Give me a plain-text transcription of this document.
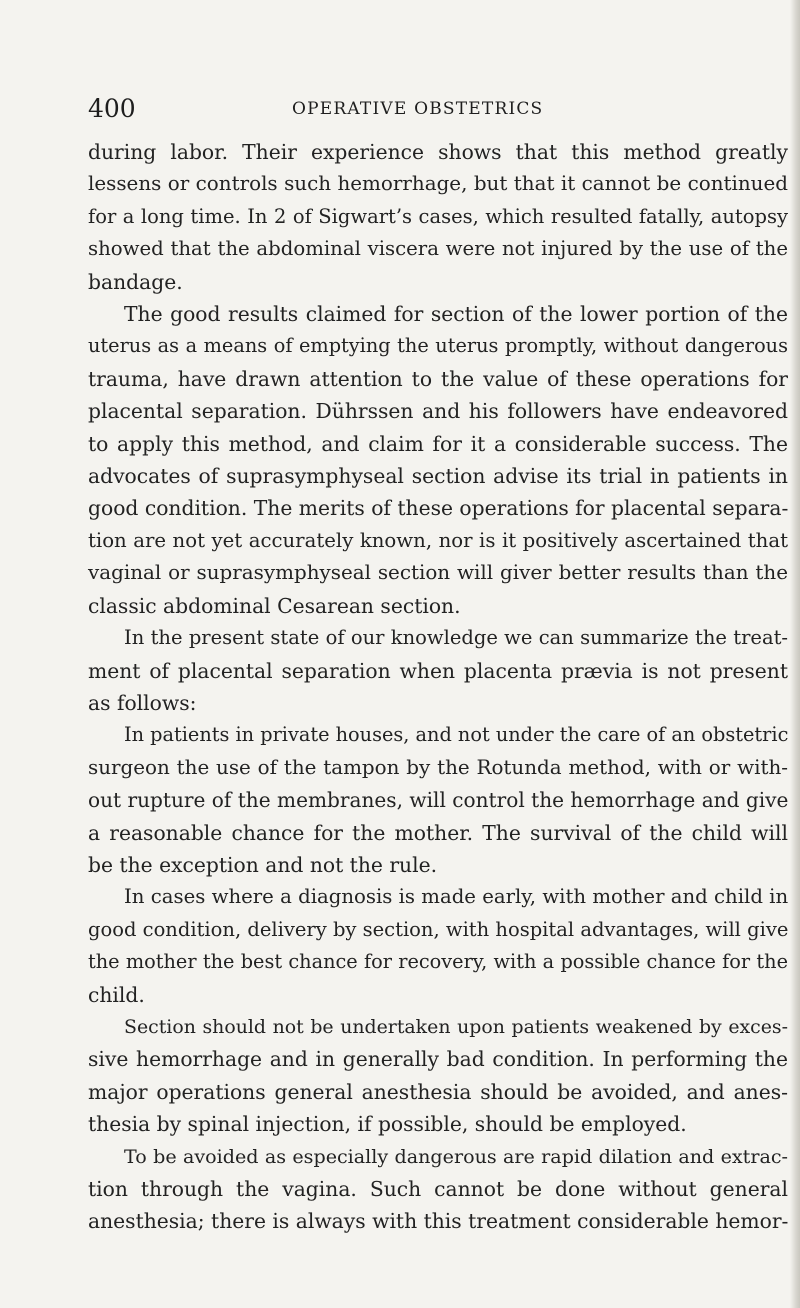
400	OPERATIVE OBSTETRICS

during labor. Their experience shows that this method greatly
lessens or controls such hemorrhage, but that it cannot be continued
for a long time. In 2 of Sigwart’s cases, which resulted fatally, autopsy
showed that the abdominal viscera were not injured by the use of the
bandage.

The good results claimed for section of the lower portion of the
uterus as a means of emptying the uterus promptly, without dangerous
trauma, have drawn attention to the value of these operations for
placental separation. Dührssen and his followers have endeavored
to apply this method, and claim for it a considerable success. The
advocates of suprasymphyseal section advise its trial in patients in
good condition. The merits of these operations for placental separa-
tion are not yet accurately known, nor is it positively ascertained that
vaginal or suprasymphyseal section will giver better results than the
classic abdominal Cesarean section.

In the present state of our knowledge we can summarize the treat-
ment of placental separation when placenta prævia is not present
as follows:

In patients in private houses, and not under the care of an obstetric
surgeon the use of the tampon by the Rotunda method, with or with-
out rupture of the membranes, will control the hemorrhage and give
a reasonable chance for the mother. The survival of the child will
be the exception and not the rule.

In cases where a diagnosis is made early, with mother and child in
good condition, delivery by section, with hospital advantages, will give
the mother the best chance for recovery, with a possible chance for the
child.

Section should not be undertaken upon patients weakened by exces-
sive hemorrhage and in generally bad condition. In performing the
major operations general anesthesia should be avoided, and anes-
thesia by spinal injection, if possible, should be employed.

To be avoided as especially dangerous are rapid dilation and extrac-
tion through the vagina. Such cannot be done without general
anesthesia; there is always with this treatment considerable hemor-
